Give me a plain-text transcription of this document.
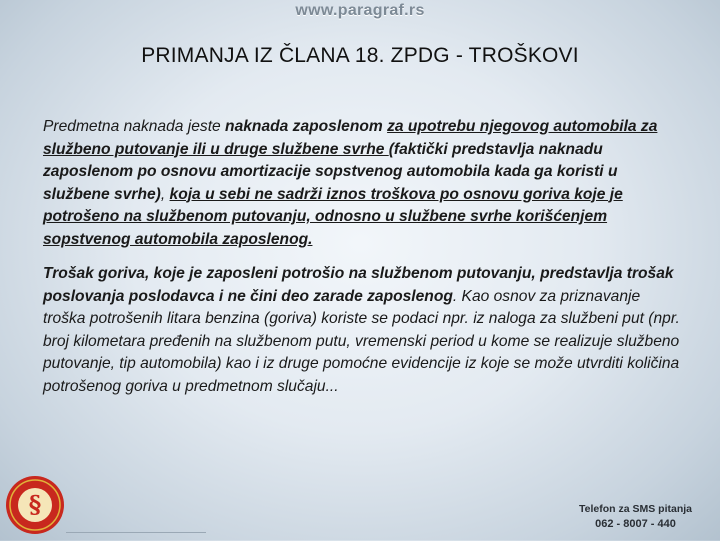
www.paragraf.rs
PRIMANJA IZ ČLANA 18. ZPDG - TROŠKOVI

Predmetna naknada jeste naknada zaposlenom za upotrebu njegovog automobila za službeno putovanje ili u druge službene svrhe (faktički predstavlja naknadu zaposlenom po osnovu amortizacije sopstvenog automobila kada ga koristi u službene svrhe), koja u sebi ne sadrži iznos troškova po osnovu goriva koje je potrošeno na službenom putovanju, odnosno u službene svrhe korišćenjem sopstvenog automobila zaposlenog.

Trošak goriva, koje je zaposleni potrošio na službenom putovanju, predstavlja trošak poslovanja poslodavca i ne čini deo zarade zaposlenog. Kao osnov za priznavanje troška potrošenih litara benzina (goriva) koriste se podaci npr. iz naloga za službeni put (npr. broj kilometara pređenih na službenom putu, vremenski period u kome se realizuje službeno putovanje, tip automobila) kao i iz druge pomoćne evidencije iz koje se može utvrditi količina potrošenog goriva u predmetnom slučaju...

§	Telefon za SMS pitanja
062 - 8007 - 440
